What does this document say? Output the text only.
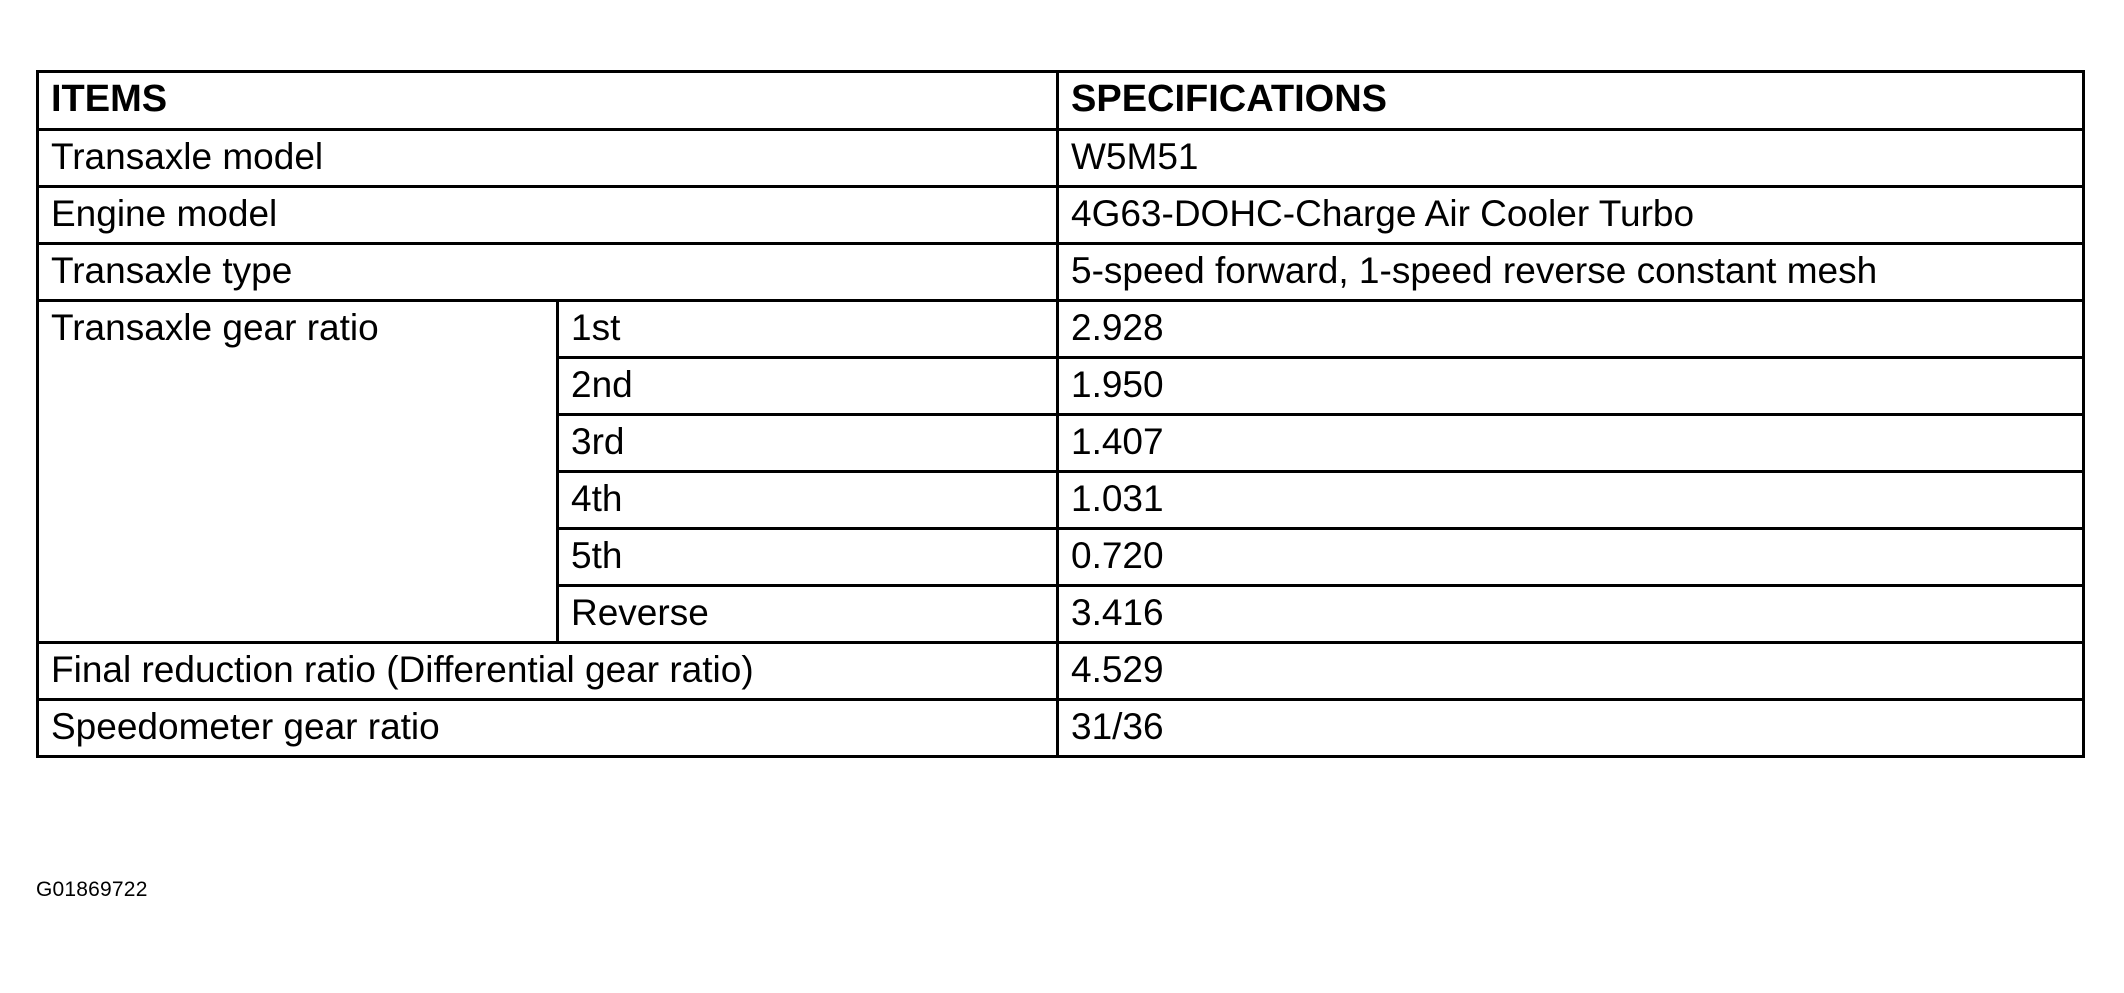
ITEMS		SPECIFICATIONS
Transaxle model		W5M51
Engine model		4G63-DOHC-Charge Air Cooler Turbo
Transaxle type		5-speed forward, 1-speed reverse constant mesh
Transaxle gear ratio	1st	2.928
	2nd	1.950
	3rd	1.407
	4th	1.031
	5th	0.720
	Reverse	3.416
Final reduction ratio (Differential gear ratio)		4.529
Speedometer gear ratio		31/36
G01869722
